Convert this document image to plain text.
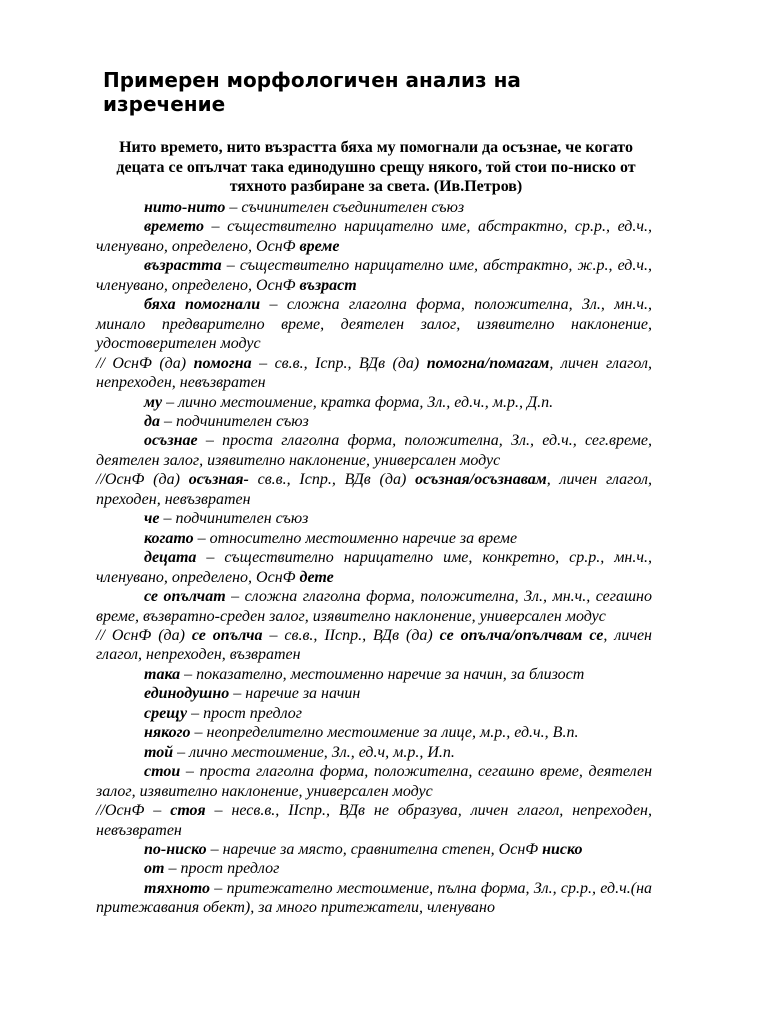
Примерен морфологичен анализ на изречение

Нито времето, нито възрастта бяха му помогнали да осъзнае, че когато децата се опълчат така единодушно срещу някого, той стои по-ниско от тяхното разбиране за света. (Ив.Петров)

нито-нито – съчинителен съединителен съюз

времето – съществително нарицателно име, абстрактно, ср.р., ед.ч., членувано, определено, ОснФ време

възрастта – съществително нарицателно име, абстрактно, ж.р., ед.ч., членувано, определено, ОснФ възраст

бяха помогнали – сложна глаголна форма, положителна, Зл., мн.ч., минало предварително време, деятелен залог, изявително наклонение, удостоверителен модус

// ОснФ (да) помогна – св.в., Іспр., ВДв (да) помогна/помагам, личен глагол, непреходен, невъзвратен

му – лично местоимение, кратка форма, Зл., ед.ч., м.р., Д.п.

да – подчинителен съюз

осъзнае – проста глаголна форма, положителна, Зл., ед.ч., сег.време, деятелен залог, изявително наклонение, универсален модус

//ОснФ (да) осъзная- св.в., Іспр., ВДв (да) осъзная/осъзнавам, личен глагол, преходен, невъзвратен

че – подчинителен съюз

когато – относително местоименно наречие за време

децата – съществително нарицателно име, конкретно, ср.р., мн.ч., членувано, определено, ОснФ дете

се опълчат – сложна глаголна форма, положителна, Зл., мн.ч., сегашно време, възвратно-среден залог, изявително наклонение, универсален модус

// ОснФ (да) се опълча – св.в., ІІспр., ВДв (да) се опълча/опълчвам се, личен глагол, непреходен, възвратен

така – показателно, местоименно наречие за начин, за близост

единодушно – наречие за начин

срещу – прост предлог

някого – неопределително местоимение за лице, м.р., ед.ч., В.п.

той – лично местоимение, Зл., ед.ч, м.р., И.п.

стои – проста глаголна форма, положителна, сегашно време, деятелен залог, изявително наклонение, универсален модус

//ОснФ – стоя – несв.в., ІІспр., ВДв не образува, личен глагол, непреходен, невъзвратен

по-ниско – наречие за място, сравнителна степен, ОснФ ниско

от – прост предлог

тяхното – притежателно местоимение, пълна форма, Зл., ср.р., ед.ч.(на притежавания обект), за много притежатели, членувано
